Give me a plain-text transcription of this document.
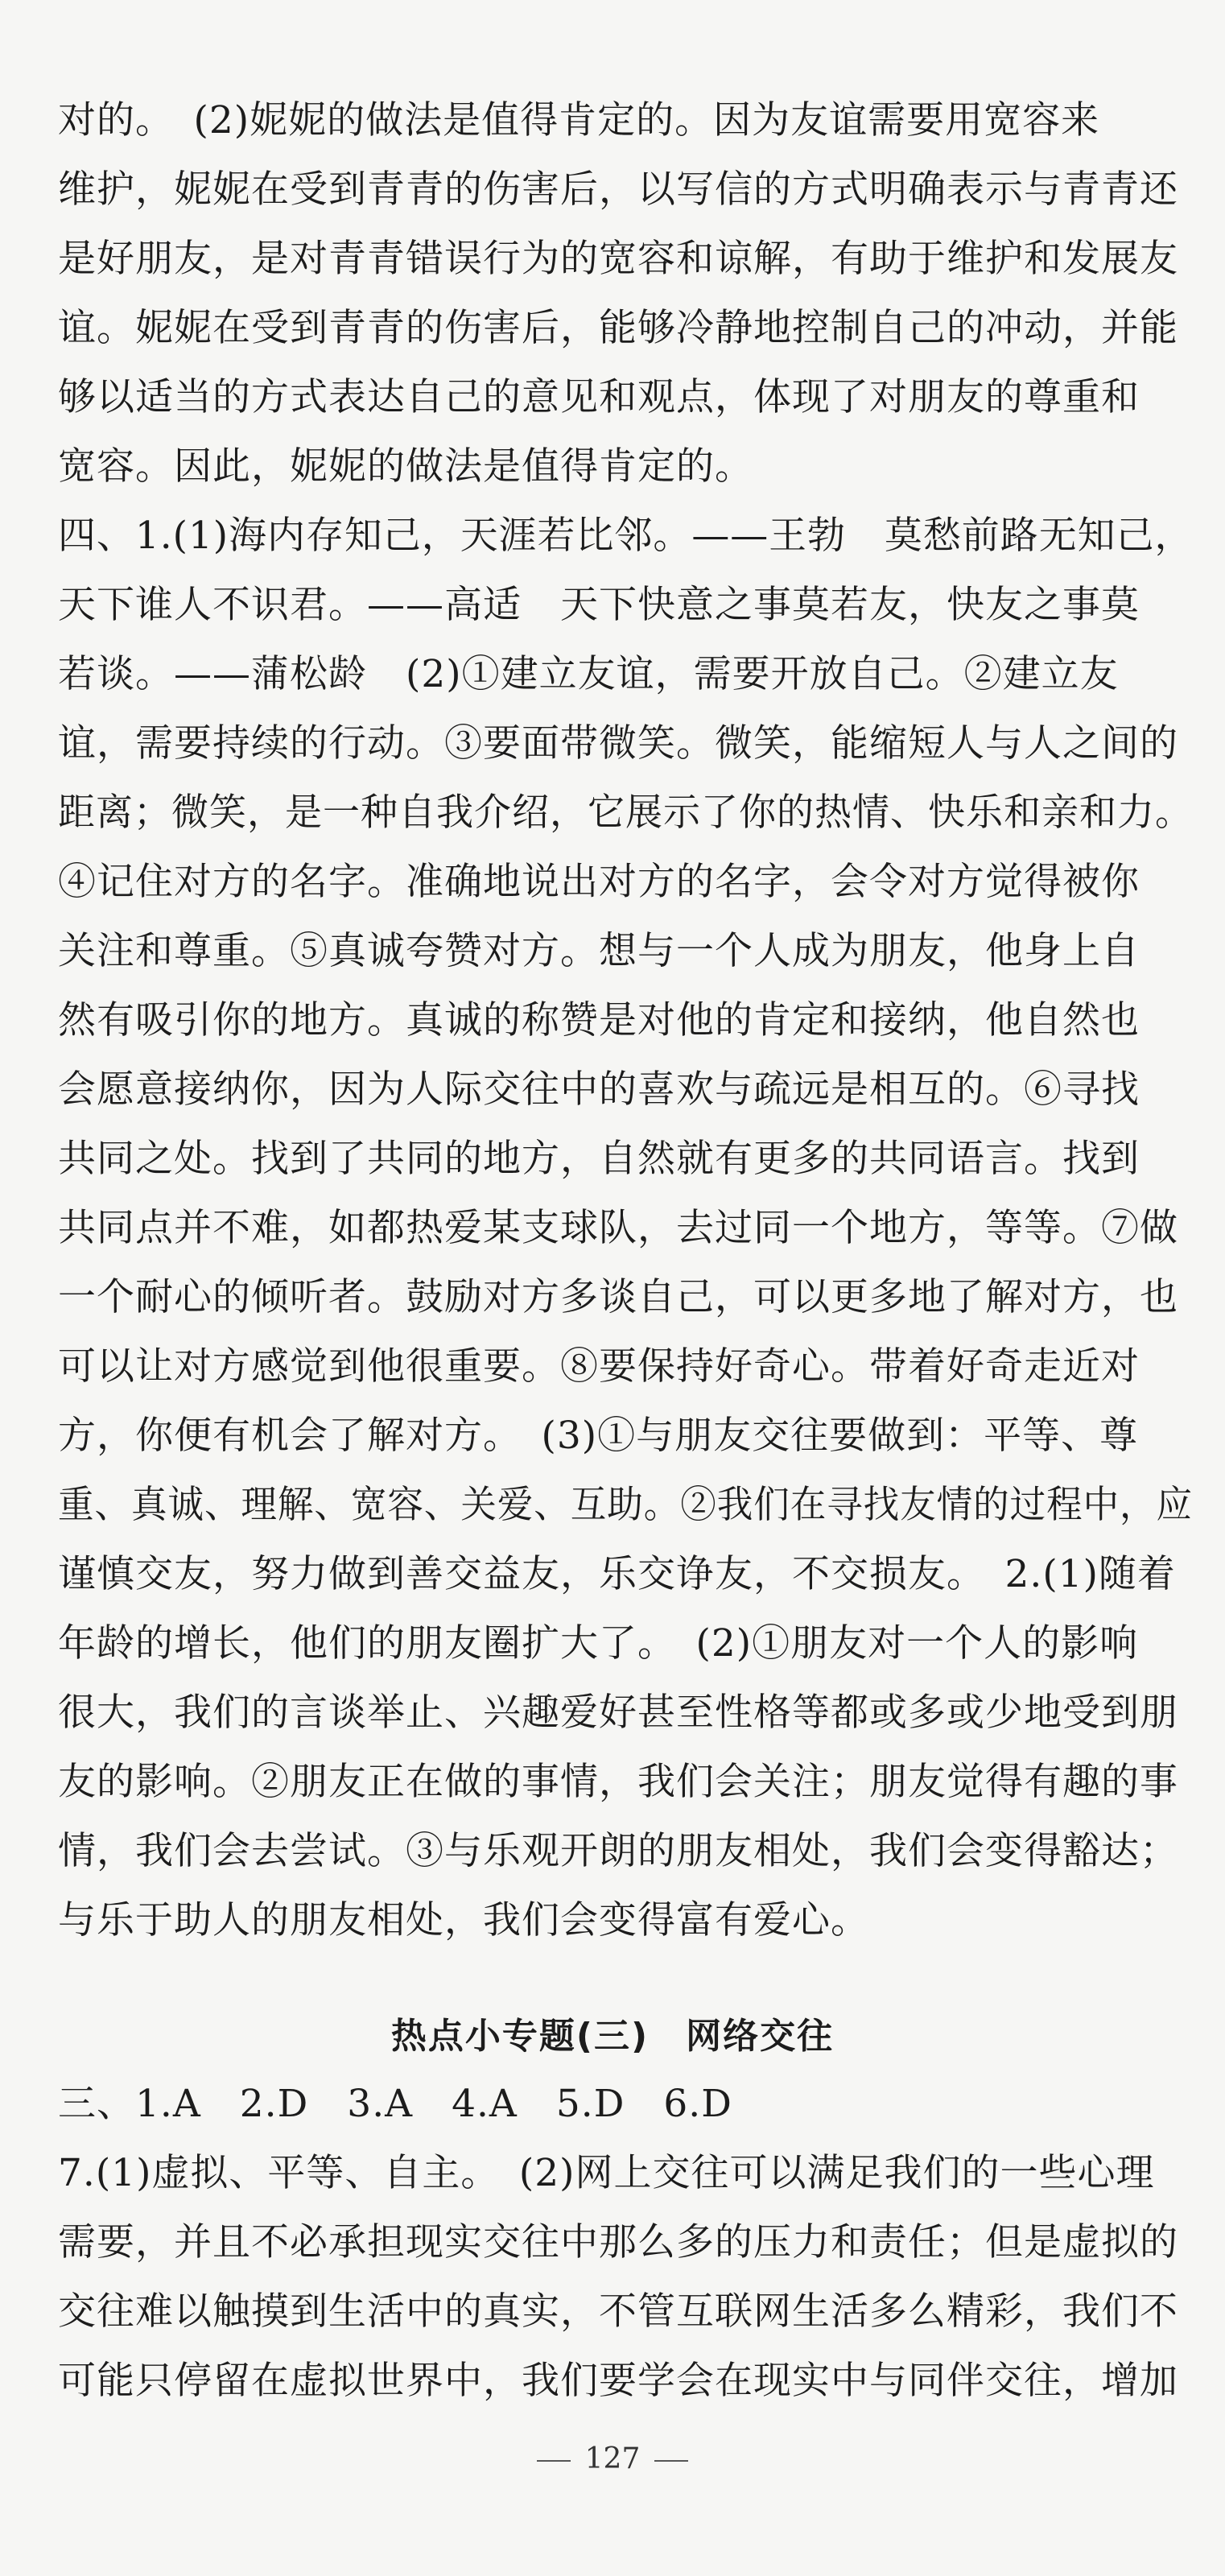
对的。　(2)妮妮的做法是值得肯定的。因为友谊需要用宽容来
维护，妮妮在受到青青的伤害后，以写信的方式明确表示与青青还
是好朋友，是对青青错误行为的宽容和谅解，有助于维护和发展友
谊。妮妮在受到青青的伤害后，能够冷静地控制自己的冲动，并能
够以适当的方式表达自己的意见和观点，体现了对朋友的尊重和
宽容。因此，妮妮的做法是值得肯定的。
四、1.(1)海内存知己，天涯若比邻。——王勃　莫愁前路无知己，
天下谁人不识君。——高适　天下快意之事莫若友，快友之事莫
若谈。——蒲松龄　(2)①建立友谊，需要开放自己。②建立友
谊，需要持续的行动。③要面带微笑。微笑，能缩短人与人之间的
距离；微笑，是一种自我介绍，它展示了你的热情、快乐和亲和力。
④记住对方的名字。准确地说出对方的名字，会令对方觉得被你
关注和尊重。⑤真诚夸赞对方。想与一个人成为朋友，他身上自
然有吸引你的地方。真诚的称赞是对他的肯定和接纳，他自然也
会愿意接纳你，因为人际交往中的喜欢与疏远是相互的。⑥寻找
共同之处。找到了共同的地方，自然就有更多的共同语言。找到
共同点并不难，如都热爱某支球队，去过同一个地方，等等。⑦做
一个耐心的倾听者。鼓励对方多谈自己，可以更多地了解对方，也
可以让对方感觉到他很重要。⑧要保持好奇心。带着好奇走近对
方，你便有机会了解对方。　(3)①与朋友交往要做到：平等、尊
重、真诚、理解、宽容、关爱、互助。②我们在寻找友情的过程中，应
谨慎交友，努力做到善交益友，乐交诤友，不交损友。　2.(1)随着
年龄的增长，他们的朋友圈扩大了。　(2)①朋友对一个人的影响
很大，我们的言谈举止、兴趣爱好甚至性格等都或多或少地受到朋
友的影响。②朋友正在做的事情，我们会关注；朋友觉得有趣的事
情，我们会去尝试。③与乐观开朗的朋友相处，我们会变得豁达；
与乐于助人的朋友相处，我们会变得富有爱心。
热点小专题(三)　网络交往
三、1.A　2.D　3.A　4.A　5.D　6.D
7.(1)虚拟、平等、自主。　(2)网上交往可以满足我们的一些心理
需要，并且不必承担现实交往中那么多的压力和责任；但是虚拟的
交往难以触摸到生活中的真实，不管互联网生活多么精彩，我们不
可能只停留在虚拟世界中，我们要学会在现实中与同伴交往，增加
127
